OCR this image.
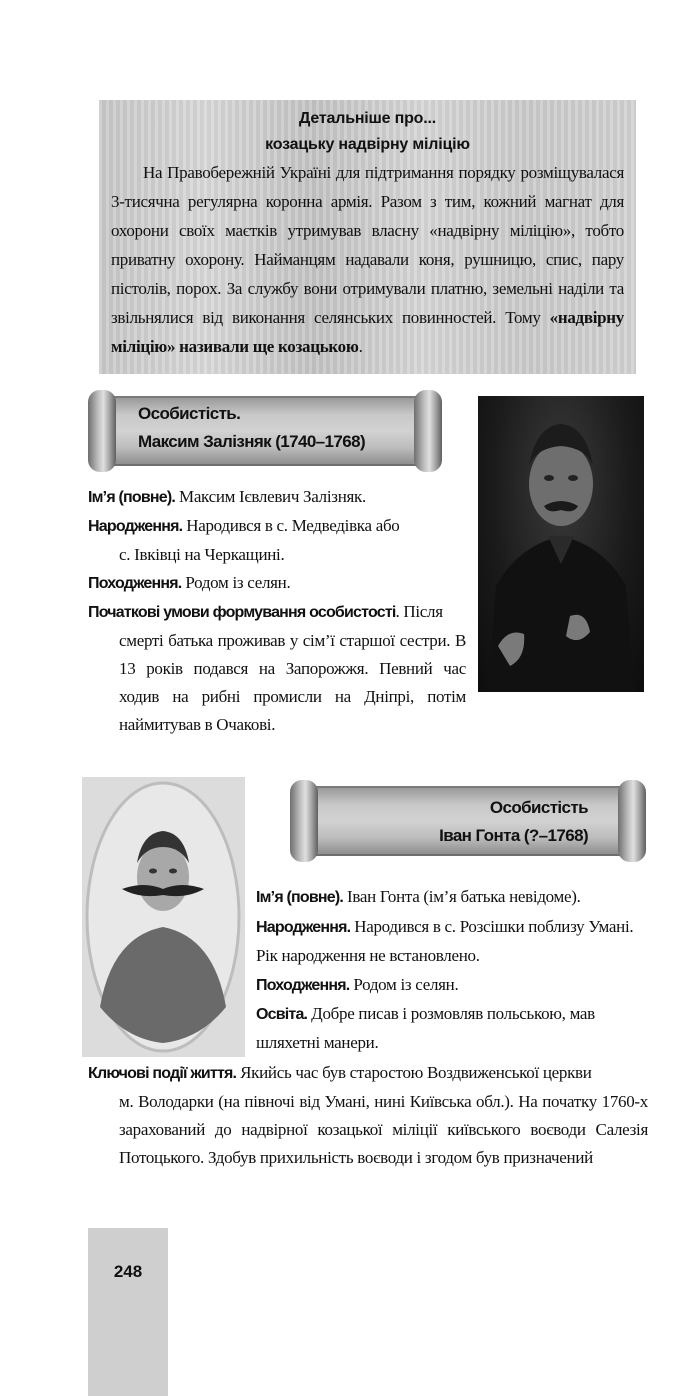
Детальніше про...
козацьку надвірну міліцію
На Правобережній Україні для підтримання порядку розміщувалася 3-тисячна регулярна коронна армія. Разом з тим, кожний магнат для охорони своїх маєтків утримував власну «надвірну міліцію», тобто приватну охорону. Найманцям надавали коня, рушницю, спис, пару пістолів, порох. За службу вони отримували платню, земельні наділи та звільнялися від виконання селянських повинностей. Тому «надвірну міліцію» називали ще козацькою.
Особистість.
Максим Залізняк (1740–1768)
Ім’я (повне). Максим Ієвлевич Залізняк.
Народження. Народився в с. Медведівка або
с. Івківці на Черкащині.
Походження. Родом із селян.
Початкові умови формування особистості. Після
смерті батька проживав у сім’ї старшої сестри. В 13 років подався на Запорожжя. Певний час ходив на рибні промисли на Дніпрі, потім наймитував в Очакові.
Особистість
Іван Гонта (?–1768)
Ім’я (повне). Іван Гонта (ім’я батька невідоме).
Народження. Народився в с. Розсішки поблизу Умані.
Рік народження не встановлено.
Походження. Родом із селян.
Освіта. Добре писав і розмовляв польською, мав
шляхетні манери.
Ключові події життя. Якийсь час був старостою Воздвиженської церкви
м. Володарки (на півночі від Умані, нині Київська обл.). На початку 1760-х зарахований до надвірної козацької міліції київського воєводи Салезія Потоцького. Здобув прихильність воєводи і згодом був призначений
248
